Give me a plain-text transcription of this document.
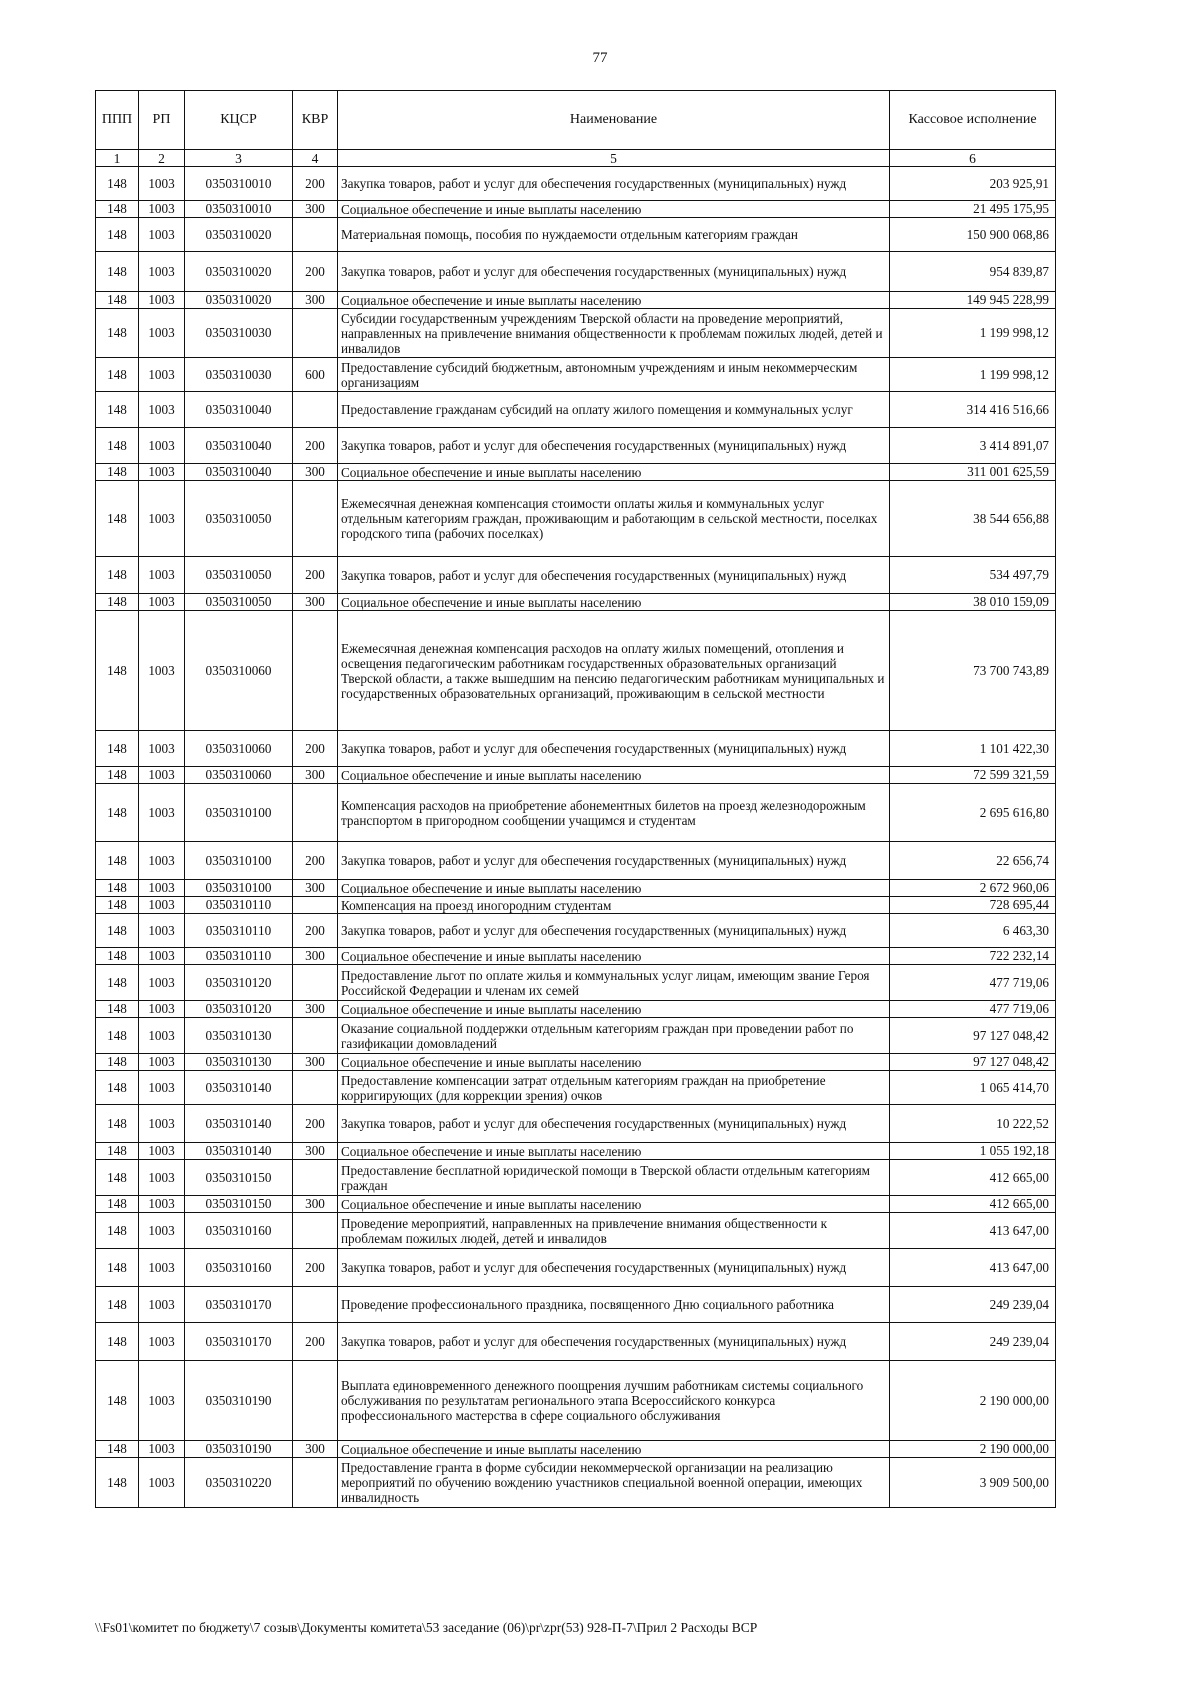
77
ППП	РП	КЦСР	КВР	Наименование	Кассовое исполнение
1	2	3	4	5	6
148	1003	0350310010	200	Закупка товаров, работ и услуг для обеспечения государственных (муниципальных) нужд	203 925,91
148	1003	0350310010	300	Социальное обеспечение и иные выплаты населению	21 495 175,95
148	1003	0350310020		Материальная помощь, пособия по нуждаемости отдельным категориям граждан	150 900 068,86
148	1003	0350310020	200	Закупка товаров, работ и услуг для обеспечения государственных (муниципальных) нужд	954 839,87
148	1003	0350310020	300	Социальное обеспечение и иные выплаты населению	149 945 228,99
148	1003	0350310030		Субсидии государственным учреждениям Тверской области на проведение мероприятий, направленных на привлечение внимания общественности к проблемам пожилых людей, детей и инвалидов	1 199 998,12
148	1003	0350310030	600	Предоставление субсидий бюджетным, автономным учреждениям и иным некоммерческим организациям	1 199 998,12
148	1003	0350310040		Предоставление гражданам субсидий на оплату жилого помещения и коммунальных услуг	314 416 516,66
148	1003	0350310040	200	Закупка товаров, работ и услуг для обеспечения государственных (муниципальных) нужд	3 414 891,07
148	1003	0350310040	300	Социальное обеспечение и иные выплаты населению	311 001 625,59
148	1003	0350310050		Ежемесячная денежная компенсация стоимости оплаты жилья и коммунальных услуг отдельным категориям граждан, проживающим и работающим в сельской местности, поселках городского типа (рабочих поселках)	38 544 656,88
148	1003	0350310050	200	Закупка товаров, работ и услуг для обеспечения государственных (муниципальных) нужд	534 497,79
148	1003	0350310050	300	Социальное обеспечение и иные выплаты населению	38 010 159,09
148	1003	0350310060		Ежемесячная денежная компенсация расходов на оплату жилых помещений, отопления и освещения педагогическим работникам государственных образовательных организаций Тверской области, а также вышедшим на пенсию педагогическим работникам муниципальных и государственных образовательных организаций, проживающим в сельской местности	73 700 743,89
148	1003	0350310060	200	Закупка товаров, работ и услуг для обеспечения государственных (муниципальных) нужд	1 101 422,30
148	1003	0350310060	300	Социальное обеспечение и иные выплаты населению	72 599 321,59
148	1003	0350310100		Компенсация расходов на приобретение абонементных билетов на проезд железнодорожным транспортом в пригородном сообщении учащимся и студентам	2 695 616,80
148	1003	0350310100	200	Закупка товаров, работ и услуг для обеспечения государственных (муниципальных) нужд	22 656,74
148	1003	0350310100	300	Социальное обеспечение и иные выплаты населению	2 672 960,06
148	1003	0350310110		Компенсация на проезд иногородним студентам	728 695,44
148	1003	0350310110	200	Закупка товаров, работ и услуг для обеспечения государственных (муниципальных) нужд	6 463,30
148	1003	0350310110	300	Социальное обеспечение и иные выплаты населению	722 232,14
148	1003	0350310120		Предоставление льгот по оплате жилья и коммунальных услуг лицам, имеющим звание Героя Российской Федерации и членам их семей	477 719,06
148	1003	0350310120	300	Социальное обеспечение и иные выплаты населению	477 719,06
148	1003	0350310130		Оказание социальной поддержки отдельным категориям граждан при проведении работ по газификации домовладений	97 127 048,42
148	1003	0350310130	300	Социальное обеспечение и иные выплаты населению	97 127 048,42
148	1003	0350310140		Предоставление компенсации затрат отдельным категориям граждан на приобретение корригирующих (для коррекции зрения) очков	1 065 414,70
148	1003	0350310140	200	Закупка товаров, работ и услуг для обеспечения государственных (муниципальных) нужд	10 222,52
148	1003	0350310140	300	Социальное обеспечение и иные выплаты населению	1 055 192,18
148	1003	0350310150		Предоставление бесплатной юридической помощи в Тверской области отдельным категориям граждан	412 665,00
148	1003	0350310150	300	Социальное обеспечение и иные выплаты населению	412 665,00
148	1003	0350310160		Проведение мероприятий, направленных на привлечение внимания общественности к проблемам пожилых людей, детей и инвалидов	413 647,00
148	1003	0350310160	200	Закупка товаров, работ и услуг для обеспечения государственных (муниципальных) нужд	413 647,00
148	1003	0350310170		Проведение профессионального праздника, посвященного Дню социального работника	249 239,04
148	1003	0350310170	200	Закупка товаров, работ и услуг для обеспечения государственных (муниципальных) нужд	249 239,04
148	1003	0350310190		Выплата единовременного денежного поощрения лучшим работникам системы социального обслуживания по результатам регионального этапа Всероссийского конкурса профессионального мастерства в сфере социального обслуживания	2 190 000,00
148	1003	0350310190	300	Социальное обеспечение и иные выплаты населению	2 190 000,00
148	1003	0350310220		Предоставление гранта в форме субсидии некоммерческой организации на реализацию мероприятий по обучению вождению участников специальной военной операции, имеющих инвалидность	3 909 500,00
\\Fs01\комитет по бюджету\7 созыв\Документы комитета\53 заседание (06)\pr\zpr(53) 928-П-7\Прил 2 Расходы ВСР
